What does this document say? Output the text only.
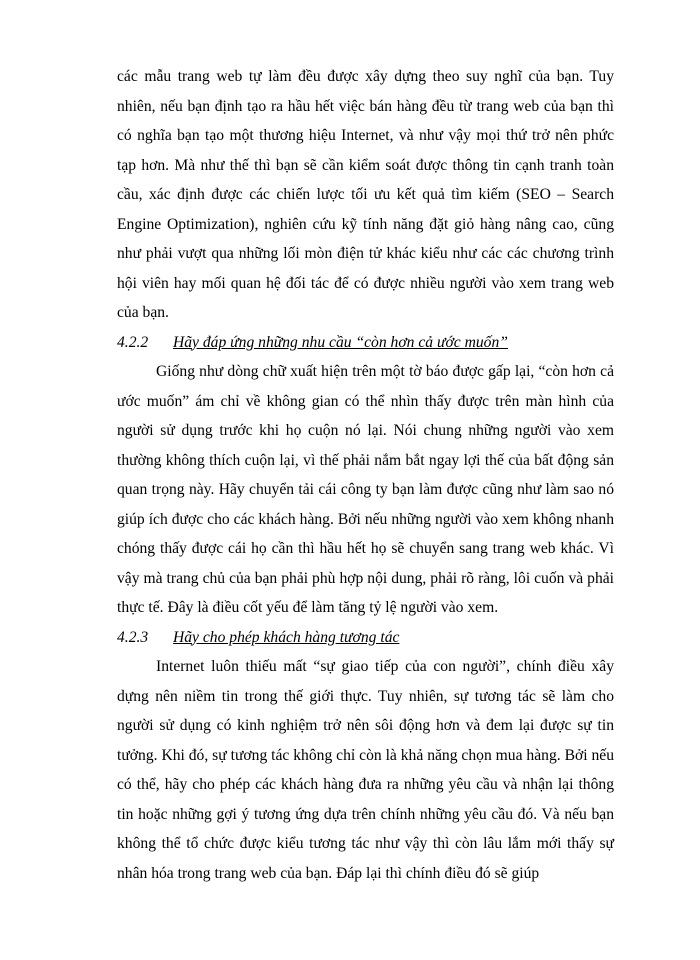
các mẫu trang web tự làm đều được xây dựng theo suy nghĩ của bạn. Tuy nhiên, nếu bạn định tạo ra hầu hết việc bán hàng đều từ trang web của bạn thì có nghĩa bạn tạo một thương hiệu Internet, và như vậy mọi thứ trở nên phức tạp hơn. Mà như thế thì bạn sẽ cần kiểm soát được thông tin cạnh tranh toàn cầu, xác định được các chiến lược tối ưu kết quả tìm kiếm (SEO – Search Engine Optimization), nghiên cứu kỹ tính năng đặt giỏ hàng nâng cao, cũng như phải vượt qua những lối mòn điện tử khác kiểu như các các chương trình hội viên hay mối quan hệ đối tác để có được nhiều người vào xem trang web của bạn.

4.2.2 Hãy đáp ứng những nhu cầu “còn hơn cả ước muốn”

Giống như dòng chữ xuất hiện trên một tờ báo được gấp lại, “còn hơn cả ước muốn” ám chỉ về không gian có thể nhìn thấy được trên màn hình của người sử dụng trước khi họ cuộn nó lại. Nói chung những người vào xem thường không thích cuộn lại, vì thế phải nắm bắt ngay lợi thế của bất động sản quan trọng này. Hãy chuyển tải cái công ty bạn làm được cũng như làm sao nó giúp ích được cho các khách hàng. Bởi nếu những người vào xem không nhanh chóng thấy được cái họ cần thì hầu hết họ sẽ chuyển sang trang web khác. Vì vậy mà trang chủ của bạn phải phù hợp nội dung, phải rõ ràng, lôi cuốn và phải thực tế. Đây là điều cốt yếu để làm tăng tỷ lệ người vào xem.

4.2.3 Hãy cho phép khách hàng tương tác

Internet luôn thiếu mất “sự giao tiếp của con người”, chính điều xây dựng nên niềm tin trong thế giới thực. Tuy nhiên, sự tương tác sẽ làm cho người sử dụng có kinh nghiệm trở nên sôi động hơn và đem lại được sự tin tưởng. Khi đó, sự tương tác không chỉ còn là khả năng chọn mua hàng. Bởi nếu có thể, hãy cho phép các khách hàng đưa ra những yêu cầu và nhận lại thông tin hoặc những gợi ý tương ứng dựa trên chính những yêu cầu đó. Và nếu bạn không thể tổ chức được kiểu tương tác như vậy thì còn lâu lắm mới thấy sự nhân hóa trong trang web của bạn. Đáp lại thì chính điều đó sẽ giúp
